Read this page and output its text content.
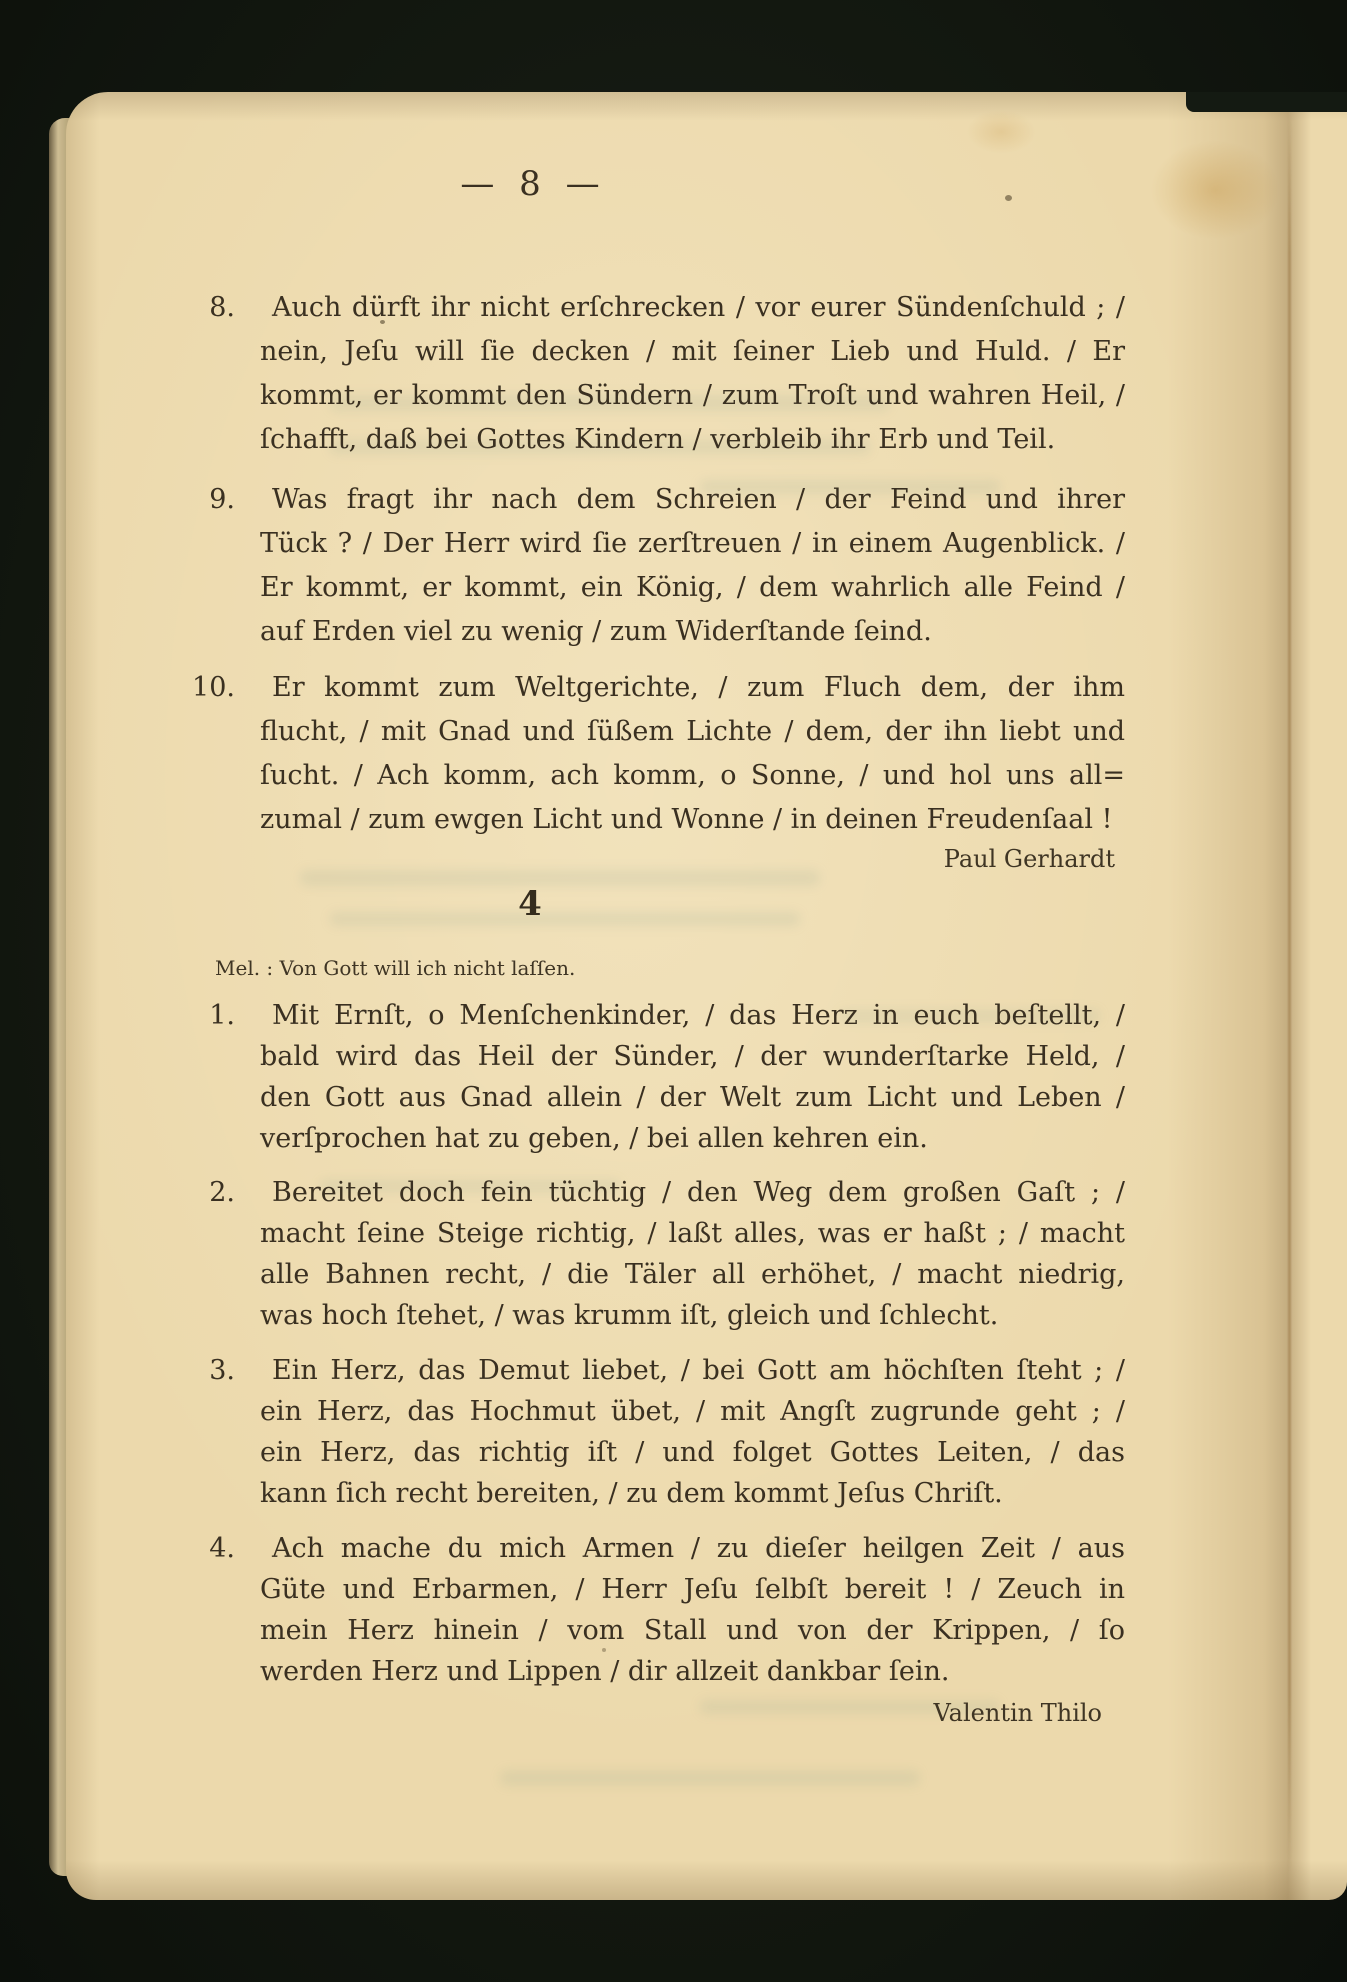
— 8 —
8. Auch dürft ihr nicht erſchrecken / vor eurer Sündenſchuld ; /
nein, Jeſu will ſie decken / mit ſeiner Lieb und Huld. / Er
kommt, er kommt den Sündern / zum Troſt und wahren Heil, /
ſchafft, daß bei Gottes Kindern / verbleib ihr Erb und Teil.
9. Was fragt ihr nach dem Schreien / der Feind und ihrer
Tück ? / Der Herr wird ſie zerſtreuen / in einem Augenblick. /
Er kommt, er kommt, ein König, / dem wahrlich alle Feind /
auf Erden viel zu wenig / zum Widerſtande ſeind.
10. Er kommt zum Weltgerichte, / zum Fluch dem, der ihm
flucht, / mit Gnad und ſüßem Lichte / dem, der ihn liebt und
ſucht. / Ach komm, ach komm, o Sonne, / und hol uns all=
zumal / zum ewgen Licht und Wonne / in deinen Freudenſaal !
Paul Gerhardt
4
Mel. : Von Gott will ich nicht laſſen.
1. Mit Ernſt, o Menſchenkinder, / das Herz in euch beſtellt, /
bald wird das Heil der Sünder, / der wunderſtarke Held, /
den Gott aus Gnad allein / der Welt zum Licht und Leben /
verſprochen hat zu geben, / bei allen kehren ein.
2. Bereitet doch fein tüchtig / den Weg dem großen Gaſt ; /
macht ſeine Steige richtig, / laßt alles, was er haßt ; / macht
alle Bahnen recht, / die Täler all erhöhet, / macht niedrig,
was hoch ſtehet, / was krumm iſt, gleich und ſchlecht.
3. Ein Herz, das Demut liebet, / bei Gott am höchſten ſteht ; /
ein Herz, das Hochmut übet, / mit Angſt zugrunde geht ; /
ein Herz, das richtig iſt / und folget Gottes Leiten, / das
kann ſich recht bereiten, / zu dem kommt Jeſus Chriſt.
4. Ach mache du mich Armen / zu dieſer heilgen Zeit / aus
Güte und Erbarmen, / Herr Jeſu ſelbſt bereit ! / Zeuch in
mein Herz hinein / vom Stall und von der Krippen, / ſo
werden Herz und Lippen / dir allzeit dankbar ſein.
Valentin Thilo
